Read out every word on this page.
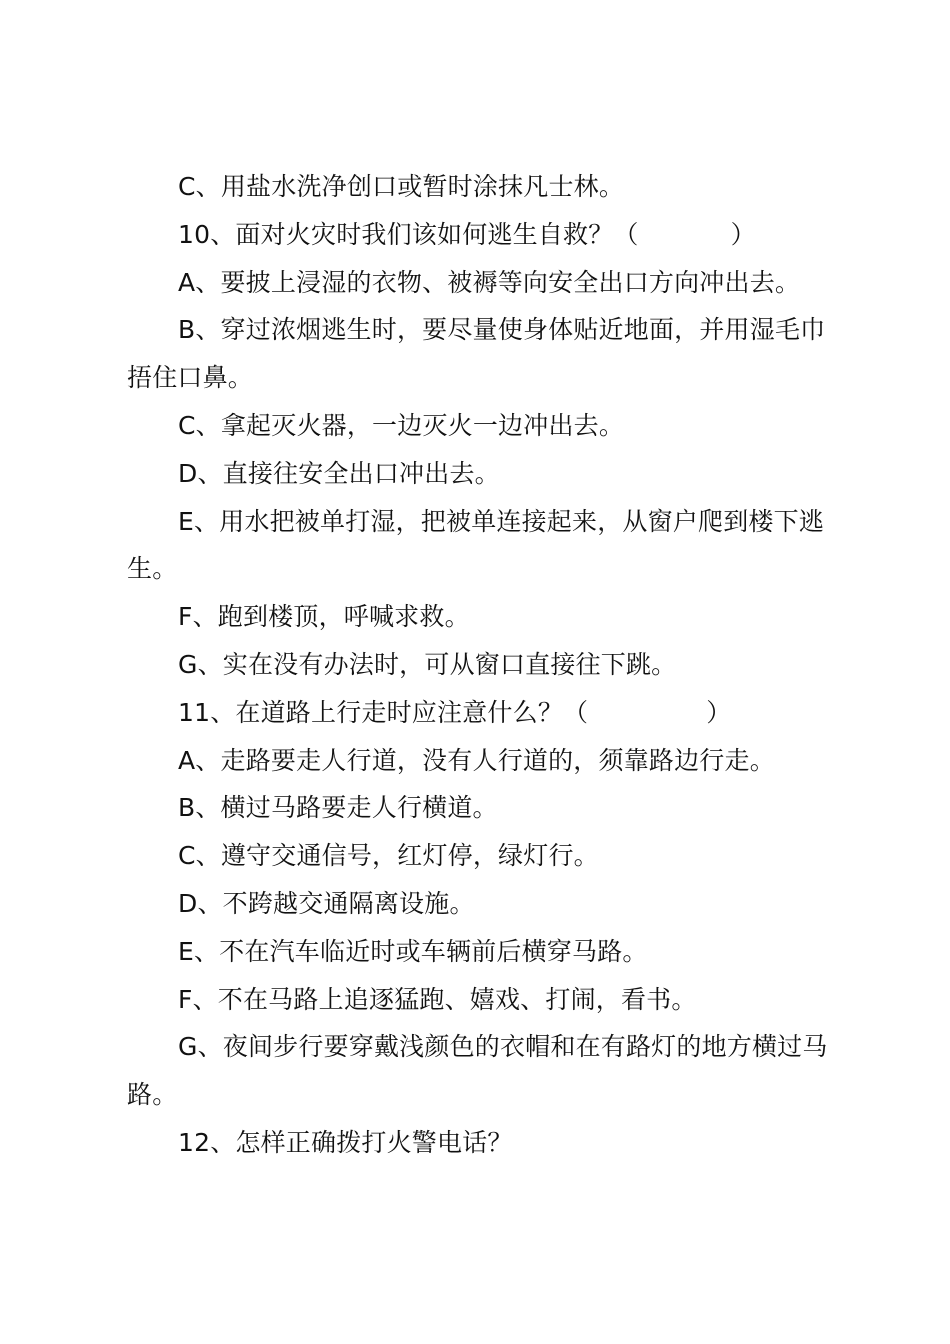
C、用盐水洗净创口或暂时涂抹凡士林。

10、面对火灾时我们该如何逃生自救？（	）

A、要披上浸湿的衣物、被褥等向安全出口方向冲出去。

B、穿过浓烟逃生时，要尽量使身体贴近地面，并用湿毛巾捂住口鼻。

C、拿起灭火器，一边灭火一边冲出去。

D、直接往安全出口冲出去。

E、用水把被单打湿，把被单连接起来，从窗户爬到楼下逃生。

F、跑到楼顶，呼喊求救。

G、实在没有办法时，可从窗口直接往下跳。

11、在道路上行走时应注意什么？（	）

A、走路要走人行道，没有人行道的，须靠路边行走。

B、横过马路要走人行横道。

C、遵守交通信号，红灯停，绿灯行。

D、不跨越交通隔离设施。

E、不在汽车临近时或车辆前后横穿马路。

F、不在马路上追逐猛跑、嬉戏、打闹，看书。

G、夜间步行要穿戴浅颜色的衣帽和在有路灯的地方横过马路。

12、怎样正确拨打火警电话？
